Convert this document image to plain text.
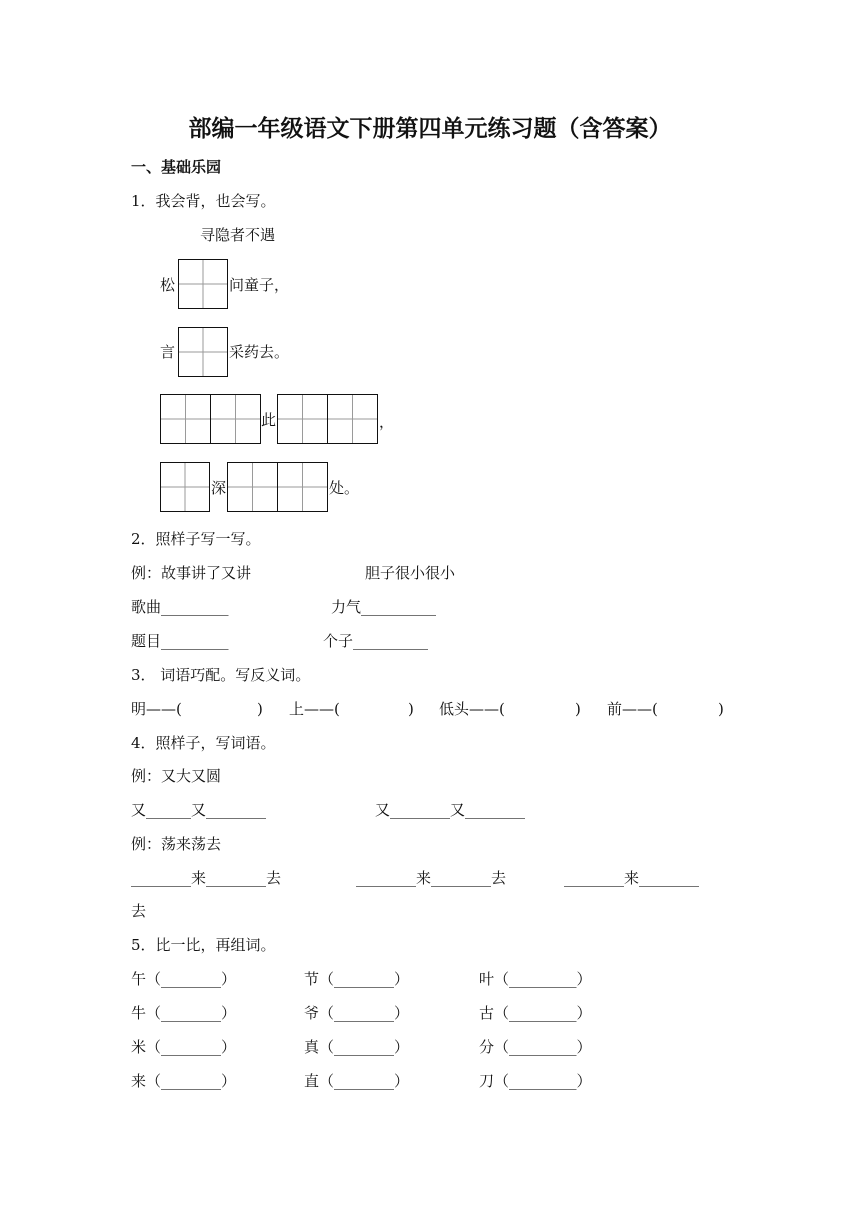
部编一年级语文下册第四单元练习题（含答案）
一、基础乐园
1．我会背，也会写。
寻隐者不遇
松	问童子，
言	采药去。
此	，
深	处。
2．照样子写一写。
例：故事讲了又讲	胆子很小很小
歌曲_________	力气__________
题目_________	个子__________
3． 词语巧配。写反义词。
明——(	) 上——(	) 低头——(	) 前——(	)
4．照样子，写词语。
例：又大又圆
又______又________	又________又________
例：荡来荡去
________来________去	________来________去	________来________
去
5．比一比，再组词。
午（________）	节（________）	叶（_________）
牛（________）	爷（________）	古（_________）
米（________）	真（________）	分（_________）
来（________）	直（________）	刀（_________）
